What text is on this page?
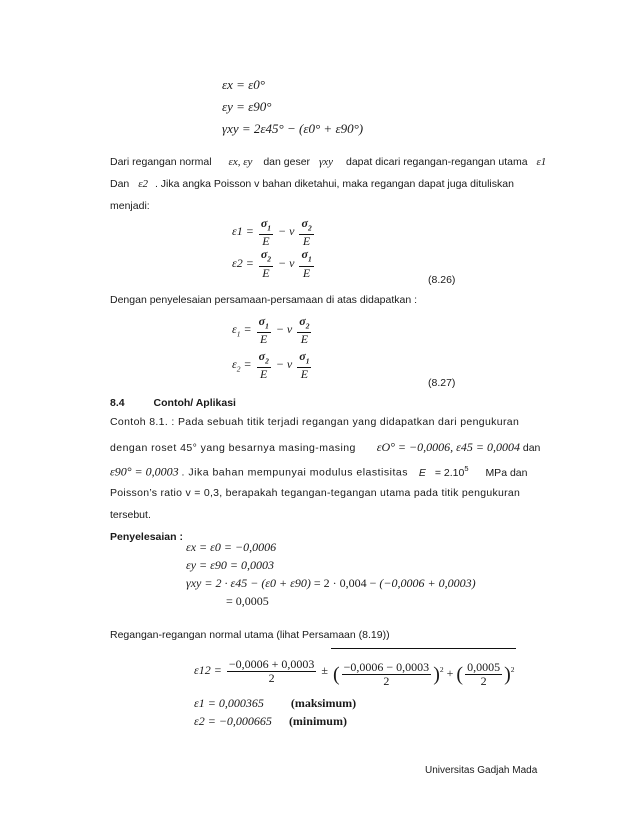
εx = ε0°
εy = ε90°
γxy = 2ε45° − (ε0° + ε90°)
Dari regangan normal εx, εy dan geser γxy dapat dicari regangan-regangan utama ε1
Dan ε2 . Jika angka Poisson v bahan diketahui, maka regangan dapat juga dituliskan
menjadi:
$\varepsilon 1 = \frac{\sigma_1}{E} - \nu \frac{\sigma_2}{E}$
$\varepsilon 2 = \frac{\sigma_2}{E} - \nu \frac{\sigma_1}{E}$
(8.26)
Dengan penyelesaian persamaan-persamaan di atas didapatkan :
$\varepsilon_1 = \frac{\sigma_1}{E} - \nu \frac{\sigma_2}{E}$
$\varepsilon_2 = \frac{\sigma_2}{E} - \nu \frac{\sigma_1}{E}$
(8.27)
8.4	Contoh/ Aplikasi
Contoh 8.1. : Pada sebuah titik terjadi regangan yang didapatkan dari pengukuran
dengan roset 45° yang besarnya masing-masing εO° = −0,0006, ε45 = 0,0004 dan
ε90° = 0,0003 . Jika bahan mempunyai modulus elastisitas $E = 2.10^5$ MPa dan
Poisson’s ratio v = 0,3, berapakah tegangan-tegangan utama pada titik pengukuran
tersebut.
Penyelesaian :
εx = ε0 = −0,0006
εy = ε90 = 0,0003
γxy = 2 · ε45 − (ε0 + ε90) = 2 · 0,004 − (−0,0006 + 0,0003)
= 0,0005
Regangan-regangan normal utama (lihat Persamaan (8.19))
$\varepsilon 12 = \frac{-0,0006 + 0,0003}{2}$ ± ( $\frac{-0,0006 - 0,0003}{2} )^2$ + ( $\frac{0,0005}{2} )^2$
ε1 = 0,000365 (maksimum)
ε2 = −0,000665 (minimum)
Universitas Gadjah Mada
